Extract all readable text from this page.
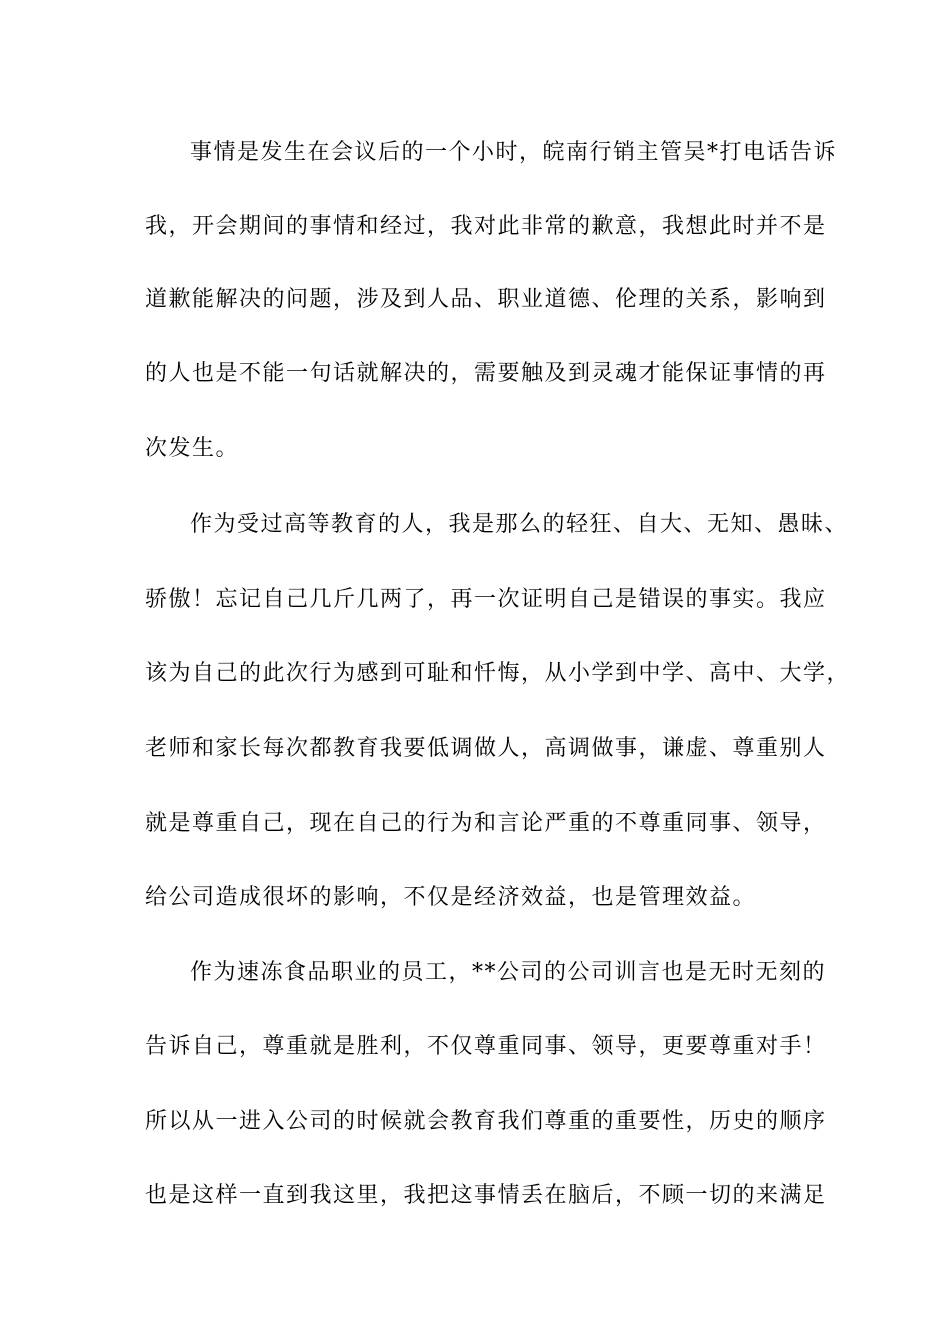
事情是发生在会议后的一个小时，皖南行销主管吴*打电话告诉
我，开会期间的事情和经过，我对此非常的歉意，我想此时并不是
道歉能解决的问题，涉及到人品、职业道德、伦理的关系，影响到
的人也是不能一句话就解决的，需要触及到灵魂才能保证事情的再
次发生。
作为受过高等教育的人，我是那么的轻狂、自大、无知、愚昧、
骄傲！忘记自己几斤几两了，再一次证明自己是错误的事实。我应
该为自己的此次行为感到可耻和忏悔，从小学到中学、高中、大学，
老师和家长每次都教育我要低调做人，高调做事，谦虚、尊重别人
就是尊重自己，现在自己的行为和言论严重的不尊重同事、领导，
给公司造成很坏的影响，不仅是经济效益，也是管理效益。
作为速冻食品职业的员工，**公司的公司训言也是无时无刻的
告诉自己，尊重就是胜利，不仅尊重同事、领导，更要尊重对手！
所以从一进入公司的时候就会教育我们尊重的重要性，历史的顺序
也是这样一直到我这里，我把这事情丢在脑后，不顾一切的来满足
